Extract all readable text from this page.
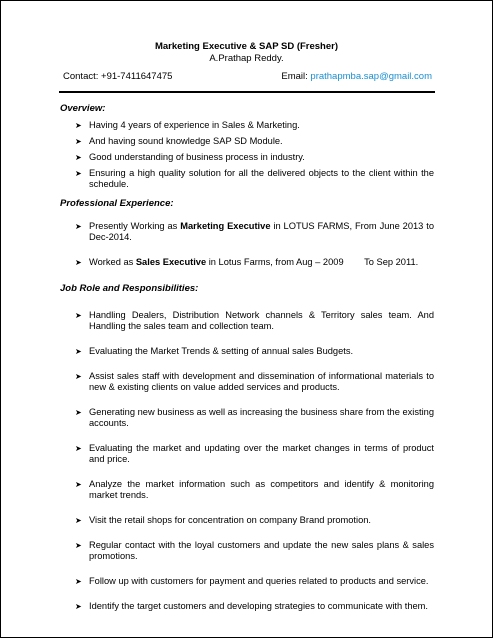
Marketing Executive & SAP SD (Fresher)
A.Prathap Reddy.
Contact: +91-7411647475	Email: prathapmba.sap@gmail.com
Overview:
➤ Having 4 years of experience in Sales & Marketing.
➤ And having sound knowledge SAP SD Module.
➤ Good understanding of business process in industry.
➤ Ensuring a high quality solution for all the delivered objects to the client within the schedule.
Professional Experience:
➤ Presently Working as Marketing Executive in LOTUS FARMS, From June 2013 to Dec-2014.
➤ Worked as Sales Executive in Lotus Farms, from Aug – 2009        To Sep 2011.
Job Role and Responsibilities:
➤ Handling Dealers, Distribution Network channels & Territory sales team. And Handling the sales team and collection team.
➤ Evaluating the Market Trends & setting of annual sales Budgets.
➤ Assist sales staff with development and dissemination of informational materials to new & existing clients on value added services and products.
➤ Generating new business as well as increasing the business share from the existing accounts.
➤ Evaluating the market and updating over the market changes in terms of product and price.
➤ Analyze the market information such as competitors and identify & monitoring market trends.
➤ Visit the retail shops for concentration on company Brand promotion.
➤ Regular contact with the loyal customers and update the new sales plans & sales promotions.
➤ Follow up with customers for payment and queries related to products and service.
➤ Identify the target customers and developing strategies to communicate with them.
